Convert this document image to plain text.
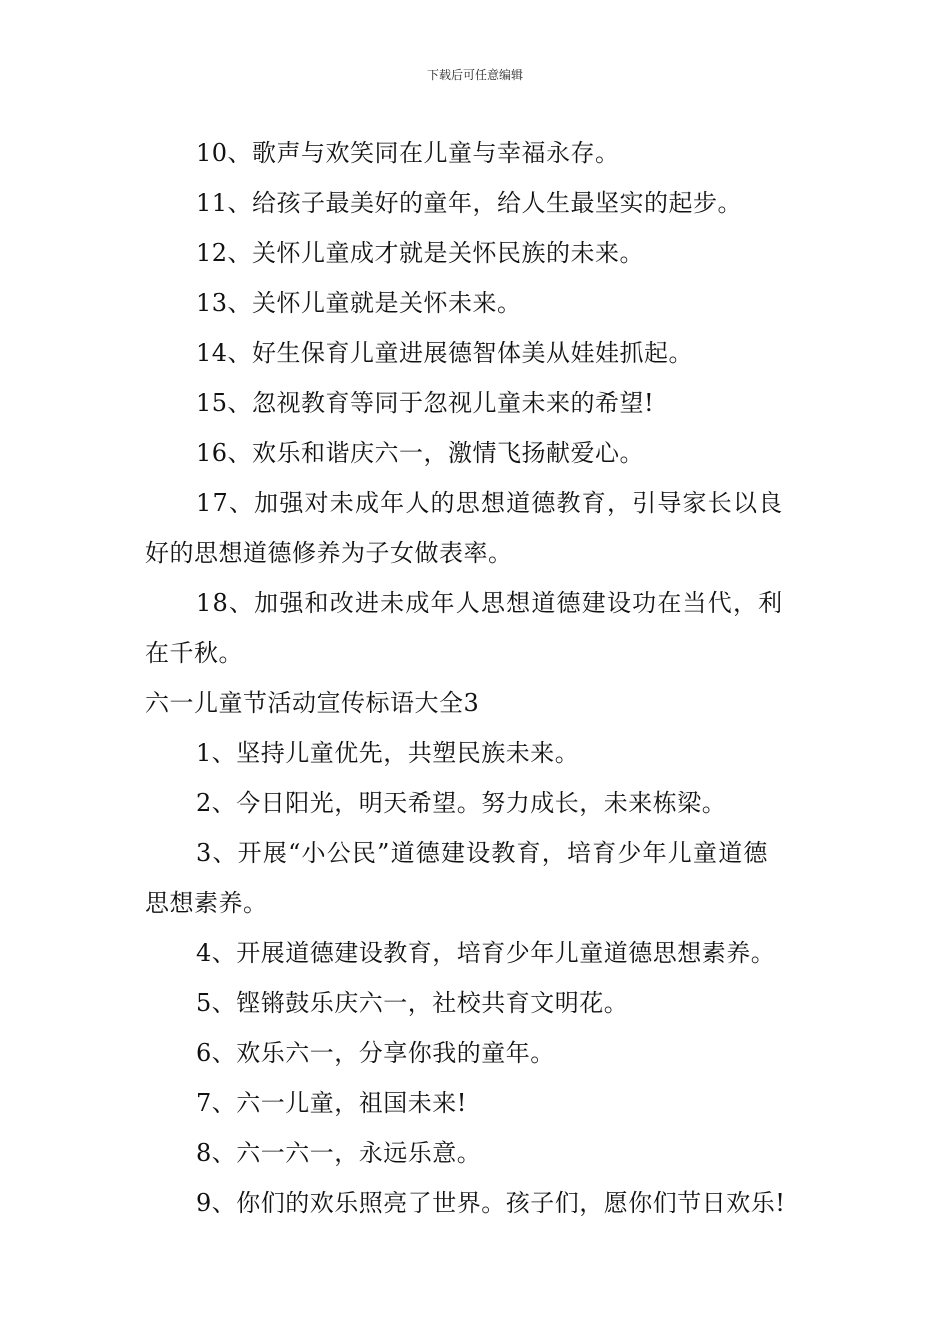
下载后可任意编辑
10、歌声与欢笑同在儿童与幸福永存。
11、给孩子最美好的童年，给人生最坚实的起步。
12、关怀儿童成才就是关怀民族的未来。
13、关怀儿童就是关怀未来。
14、好生保育儿童进展德智体美从娃娃抓起。
15、忽视教育等同于忽视儿童未来的希望!
16、欢乐和谐庆六一，激情飞扬献爱心。
17、加强对未成年人的思想道德教育，引导家长以良
好的思想道德修养为子女做表率。
18、加强和改进未成年人思想道德建设功在当代，利
在千秋。
六一儿童节活动宣传标语大全3
1、坚持儿童优先，共塑民族未来。
2、今日阳光，明天希望。努力成长，未来栋梁。
3、开展“小公民”道德建设教育，培育少年儿童道德
思想素养。
4、开展道德建设教育，培育少年儿童道德思想素养。
5、铿锵鼓乐庆六一，社校共育文明花。
6、欢乐六一，分享你我的童年。
7、六一儿童，祖国未来!
8、六一六一，永远乐意。
9、你们的欢乐照亮了世界。孩子们，愿你们节日欢乐!
